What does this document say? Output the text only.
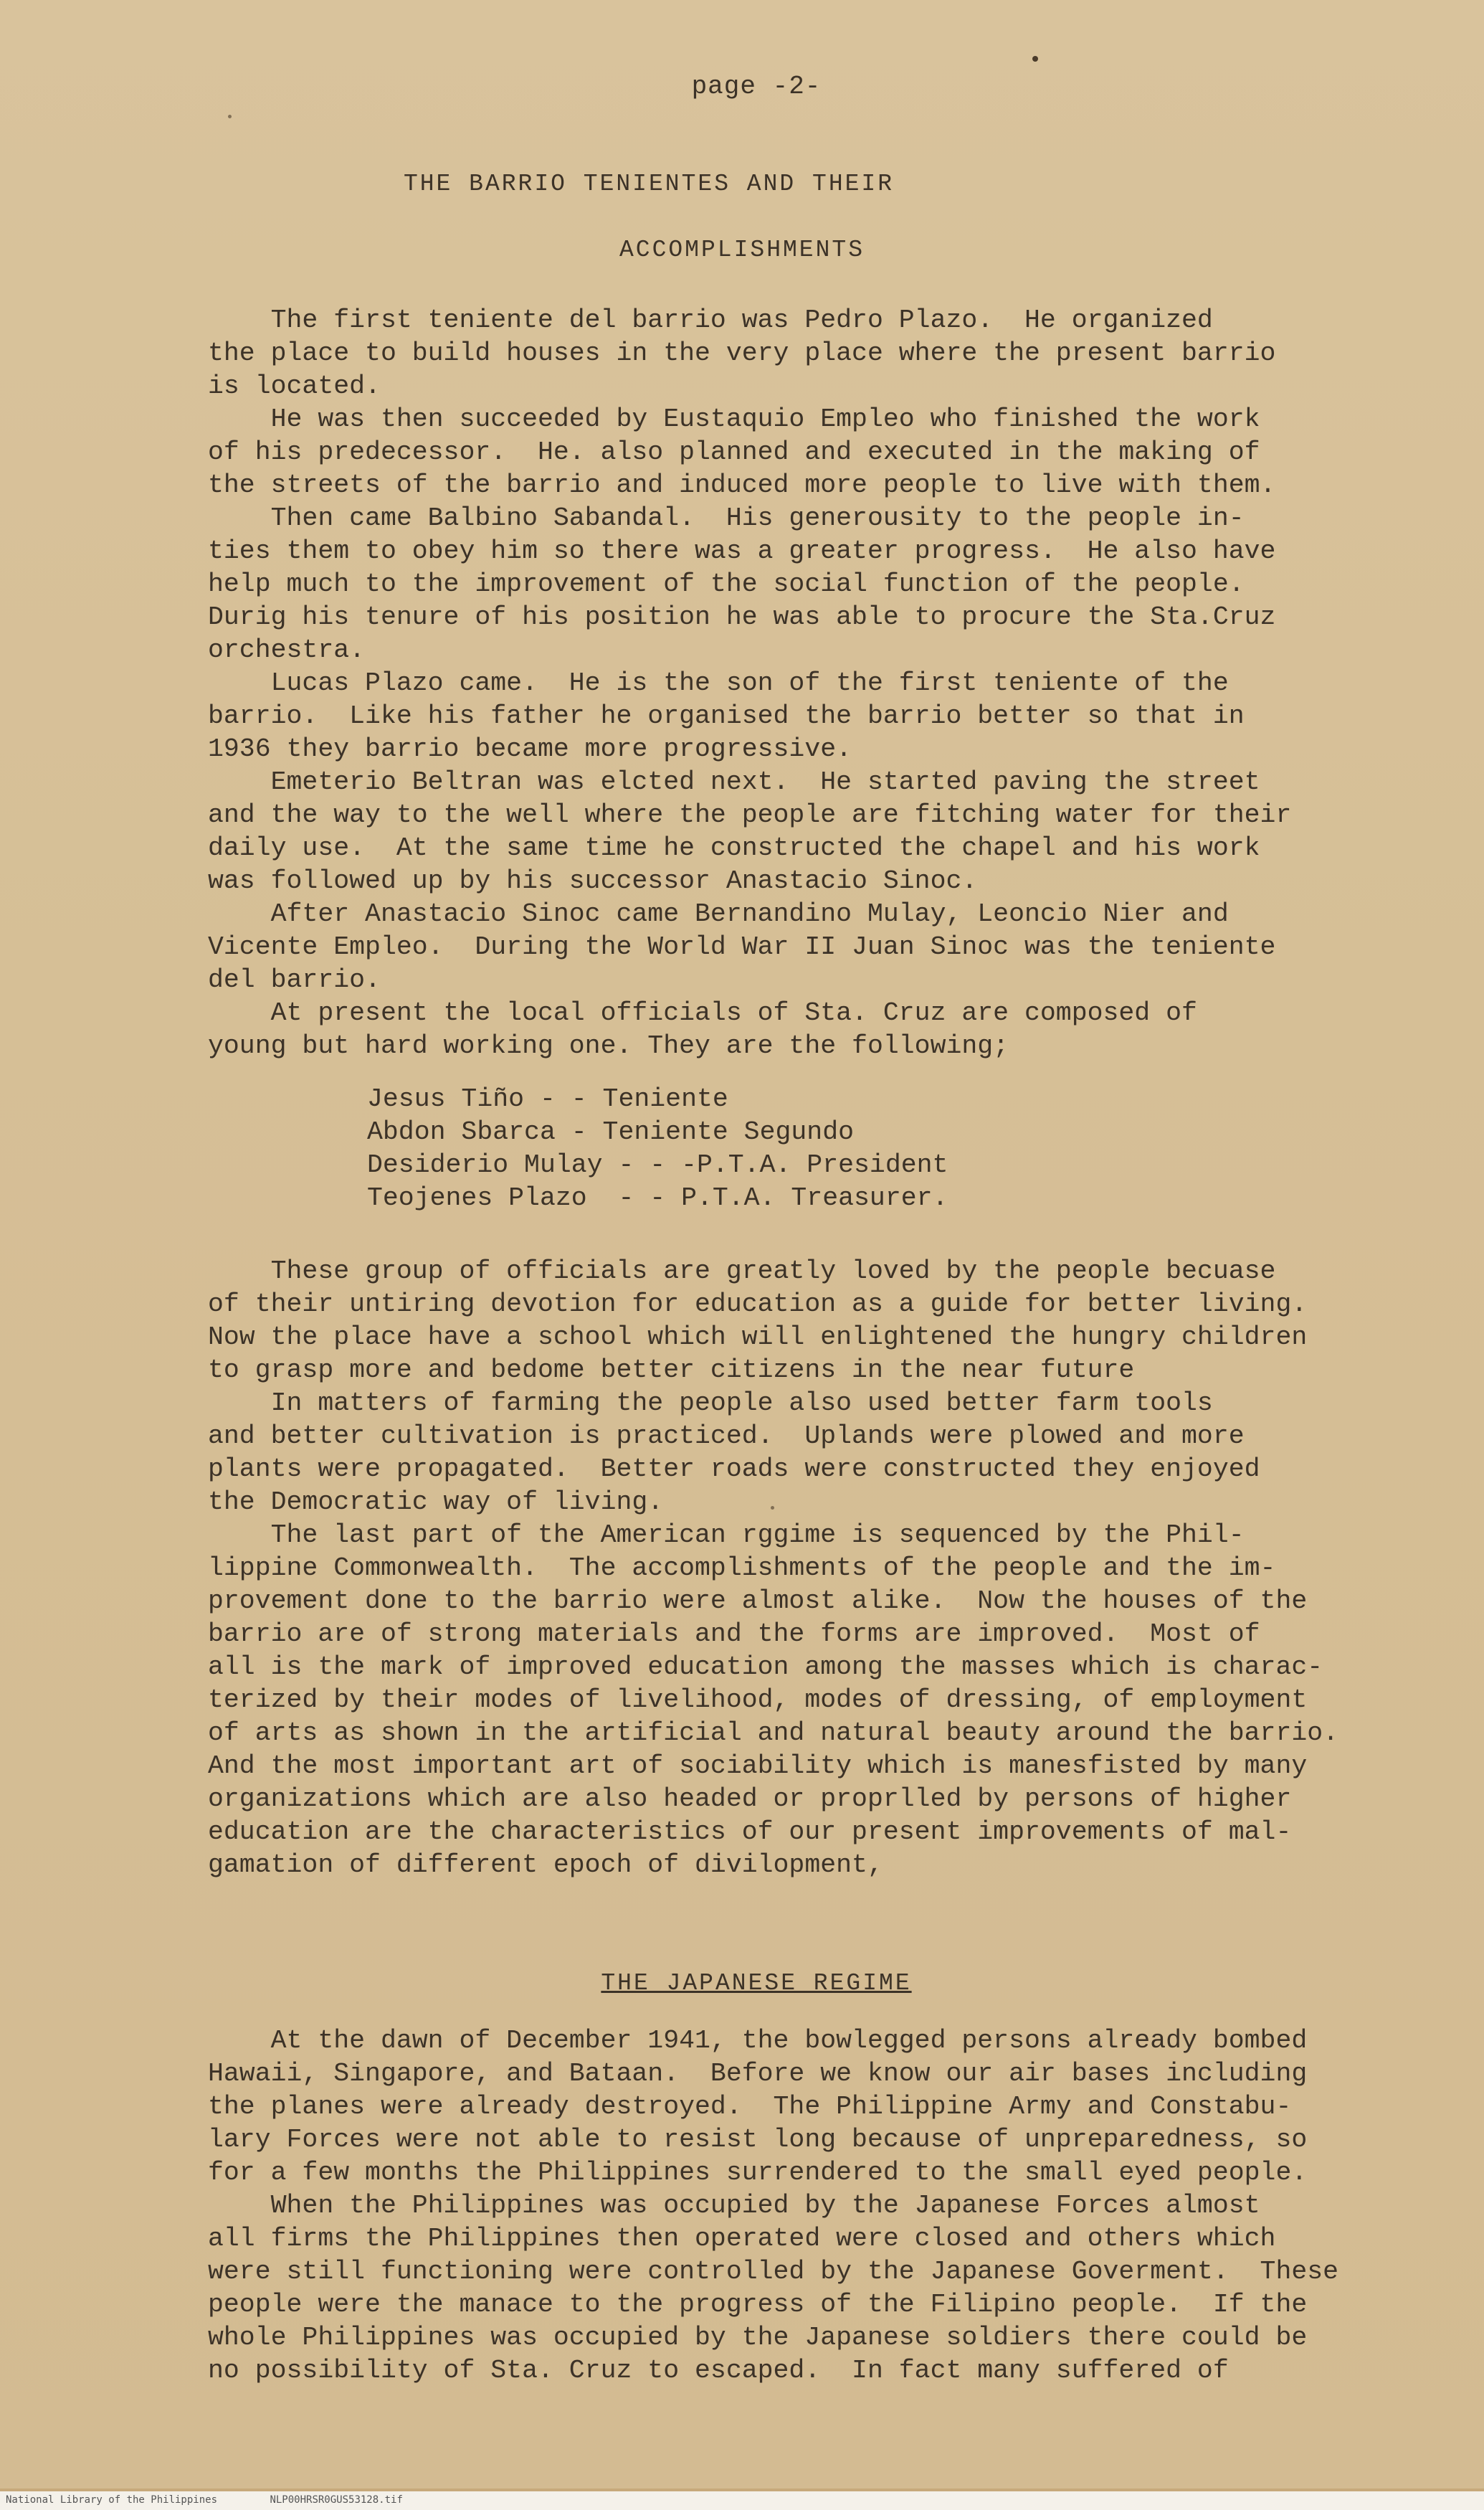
page -2-
THE BARRIO TENIENTES AND THEIR
ACCOMPLISHMENTS
The first teniente del barrio was Pedro Plazo.  He organized
the place to build houses in the very place where the present barrio
is located.
He was then succeeded by Eustaquio Empleo who finished the work
of his predecessor.  He. also planned and executed in the making of
the streets of the barrio and induced more people to live with them.
Then came Balbino Sabandal.  His generousity to the people in-
ties them to obey him so there was a greater progress.  He also have
help much to the improvement of the social function of the people.
Durig his tenure of his position he was able to procure the Sta.Cruz
orchestra.
Lucas Plazo came.  He is the son of the first teniente of the
barrio.  Like his father he organised the barrio better so that in
1936 they barrio became more progressive.
Emeterio Beltran was elcted next.  He started paving the street
and the way to the well where the people are fitching water for their
daily use.  At the same time he constructed the chapel and his work
was followed up by his successor Anastacio Sinoc.
After Anastacio Sinoc came Bernandino Mulay, Leoncio Nier and
Vicente Empleo.  During the World War II Juan Sinoc was the teniente
del barrio.
At present the local officials of Sta. Cruz are composed of
young but hard working one. They are the following;
Jesus Tiño - - Teniente
Abdon Sbarca - Teniente Segundo
Desiderio Mulay - - -P.T.A. President
Teojenes Plazo  - - P.T.A. Treasurer.
These group of officials are greatly loved by the people becuase
of their untiring devotion for education as a guide for better living.
Now the place have a school which will enlightened the hungry children
to grasp more and bedome better citizens in the near future
In matters of farming the people also used better farm tools
and better cultivation is practiced.  Uplands were plowed and more
plants were propagated.  Better roads were constructed they enjoyed
the Democratic way of living.
The last part of the American rggime is sequenced by the Phil-
lippine Commonwealth.  The accomplishments of the people and the im-
provement done to the barrio were almost alike.  Now the houses of the
barrio are of strong materials and the forms are improved.  Most of
all is the mark of improved education among the masses which is charac-
terized by their modes of livelihood, modes of dressing, of employment
of arts as shown in the artificial and natural beauty around the barrio.
And the most important art of sociability which is manesfisted by many
organizations which are also headed or proprlled by persons of higher
education are the characteristics of our present improvements of mal-
gamation of different epoch of divilopment,
THE JAPANESE REGIME
At the dawn of December 1941, the bowlegged persons already bombed
Hawaii, Singapore, and Bataan.  Before we know our air bases including
the planes were already destroyed.  The Philippine Army and Constabu-
lary Forces were not able to resist long because of unpreparedness, so
for a few months the Philippines surrendered to the small eyed people.
When the Philippines was occupied by the Japanese Forces almost
all firms the Philippines then operated were closed and others which
were still functioning were controlled by the Japanese Goverment.  These
people were the manace to the progress of the Filipino people.  If the
whole Philippines was occupied by the Japanese soldiers there could be
no possibility of Sta. Cruz to escaped.  In fact many suffered of
National Library of the Philippines	NLP00HRSR0GUS53128.tif
